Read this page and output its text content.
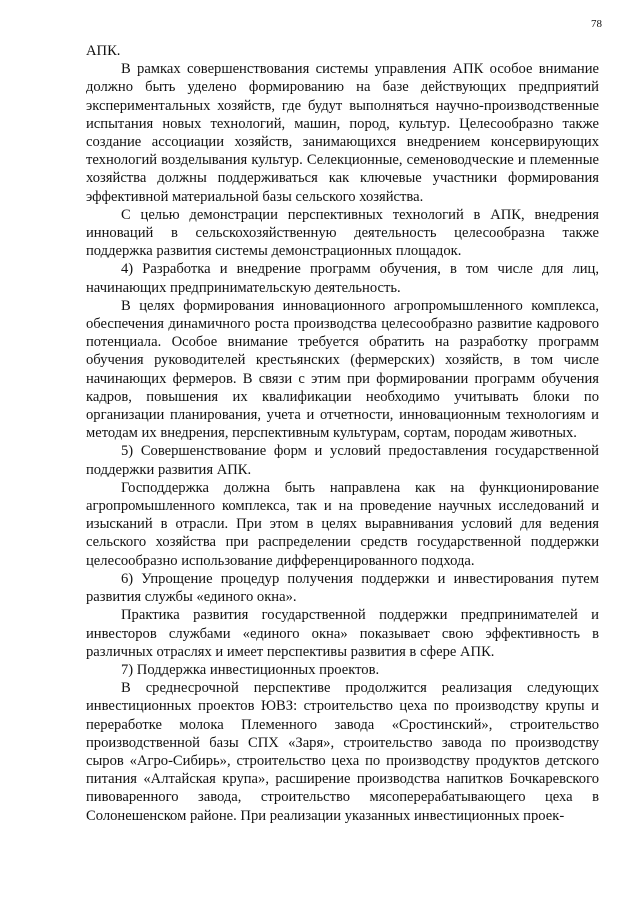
78

АПК.

В рамках совершенствования системы управления АПК особое внимание должно быть уделено формированию на базе действующих предприятий экспериментальных хозяйств, где будут выполняться научно-производственные испытания новых технологий, машин, пород, культур. Целесообразно также создание ассоциации хозяйств, занимающихся внедрением консервирующих технологий возделывания культур. Селекционные, семеноводческие и племенные хозяйства должны поддерживаться как ключевые участники формирования эффективной материальной базы сельского хозяйства.

С целью демонстрации перспективных технологий в АПК, внедрения инноваций в сельскохозяйственную деятельность целесообразна также поддержка развития системы демонстрационных площадок.

4) Разработка и внедрение программ обучения, в том числе для лиц, начинающих предпринимательскую деятельность.

В целях формирования инновационного агропромышленного комплекса, обеспечения динамичного роста производства целесообразно развитие кадрового потенциала. Особое внимание требуется обратить на разработку программ обучения руководителей крестьянских (фермерских) хозяйств, в том числе начинающих фермеров. В связи с этим при формировании программ обучения кадров, повышения их квалификации необходимо учитывать блоки по организации планирования, учета и отчетности, инновационным технологиям и методам их внедрения, перспективным культурам, сортам, породам животных.

5) Совершенствование форм и условий предоставления государственной поддержки развития АПК.

Господдержка должна быть направлена как на функционирование агропромышленного комплекса, так и на проведение научных исследований и изысканий в отрасли. При этом в целях выравнивания условий для ведения сельского хозяйства при распределении средств государственной поддержки целесообразно использование дифференцированного подхода.

6) Упрощение процедур получения поддержки и инвестирования путем развития службы «единого окна».

Практика развития государственной поддержки предпринимателей и инвесторов службами «единого окна» показывает свою эффективность в различных отраслях и имеет перспективы развития в сфере АПК.

7) Поддержка инвестиционных проектов.

В среднесрочной перспективе продолжится реализация следующих инвестиционных проектов ЮВЗ: строительство цеха по производству крупы и переработке молока Племенного завода «Сростинский», строительство производственной базы СПХ «Заря», строительство завода по производству сыров «Агро-Сибирь», строительство цеха по производству продуктов детского питания «Алтайская крупа», расширение производства напитков Бочкаревского пивоваренного завода, строительство мясоперерабатывающего цеха в Солонешенском районе. При реализации указанных инвестиционных проек-
